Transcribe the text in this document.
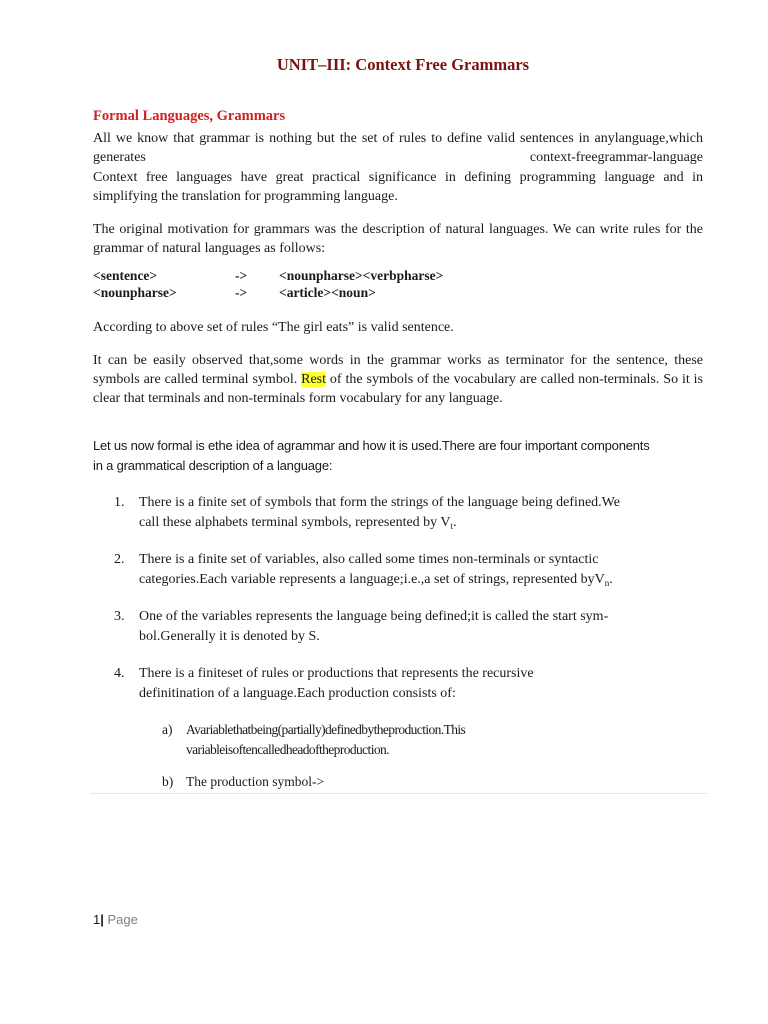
UNIT–III: Context Free Grammars
Formal Languages, Grammars

All we know that grammar is nothing but the set of rules to define valid sentences in anylanguage,which generates context-freegrammar-language

Context free languages have great practical significance in defining programming language and in simplifying the translation for programming language.

The original motivation for grammars was the description of natural languages. We can write rules for the grammar of natural languages as follows:

<sentence>	-> <nounpharse><verbpharse>
<nounpharse>	-> <article><noun>

According to above set of rules “The girl eats” is valid sentence.

It can be easily observed that,some words in the grammar works as terminator for the sentence, these symbols are called terminal symbol. Rest of the symbols of the vocabulary are called non-terminals. So it is clear that terminals and non-terminals form vocabulary for any language.

Let us now formal is ethe idea of agrammar and how it is used.There are four important components in a grammatical description of a language:

1. There is a finite set of symbols that form the strings of the language being defined.We
call these alphabets terminal symbols, represented by $V_t$.
2. There is a finite set of variables, also called some times non-terminals or syntactic
categories.Each variable represents a language;i.e.,a set of strings, represented byV$_n$.
3. One of the variables represents the language being defined;it is called the start sym-
bol.Generally it is denoted by S.
4. There is a finiteset of rules or productions that represents the recursive
definitination of a language.Each production consists of:
a) Avariablethatbeing(partially)definedbytheproduction.This
variableisoftencalledheadoftheproduction.
b) The production symbol->
1| Page
